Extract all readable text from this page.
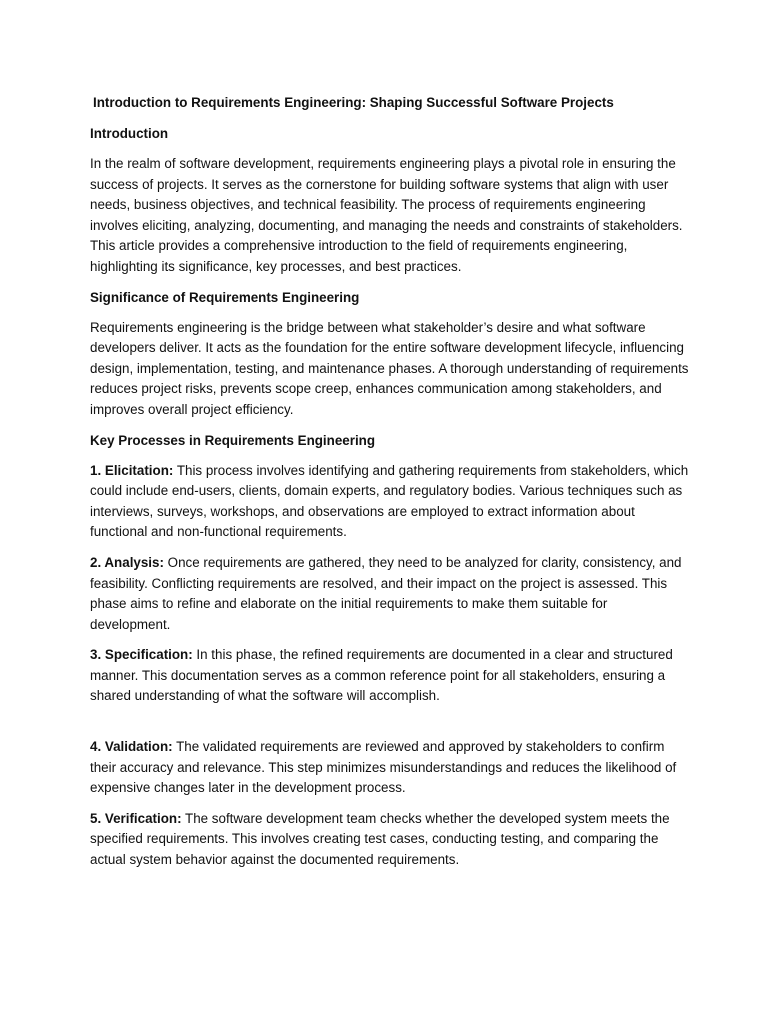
Introduction to Requirements Engineering: Shaping Successful Software Projects
Introduction
In the realm of software development, requirements engineering plays a pivotal role in ensuring the success of projects. It serves as the cornerstone for building software systems that align with user needs, business objectives, and technical feasibility. The process of requirements engineering involves eliciting, analyzing, documenting, and managing the needs and constraints of stakeholders. This article provides a comprehensive introduction to the field of requirements engineering, highlighting its significance, key processes, and best practices.
Significance of Requirements Engineering
Requirements engineering is the bridge between what stakeholder’s desire and what software developers deliver. It acts as the foundation for the entire software development lifecycle, influencing design, implementation, testing, and maintenance phases. A thorough understanding of requirements reduces project risks, prevents scope creep, enhances communication among stakeholders, and improves overall project efficiency.
Key Processes in Requirements Engineering
1. Elicitation: This process involves identifying and gathering requirements from stakeholders, which could include end-users, clients, domain experts, and regulatory bodies. Various techniques such as interviews, surveys, workshops, and observations are employed to extract information about functional and non-functional requirements.
2. Analysis: Once requirements are gathered, they need to be analyzed for clarity, consistency, and feasibility. Conflicting requirements are resolved, and their impact on the project is assessed. This phase aims to refine and elaborate on the initial requirements to make them suitable for development.
3. Specification: In this phase, the refined requirements are documented in a clear and structured manner. This documentation serves as a common reference point for all stakeholders, ensuring a shared understanding of what the software will accomplish.
4. Validation: The validated requirements are reviewed and approved by stakeholders to confirm their accuracy and relevance. This step minimizes misunderstandings and reduces the likelihood of expensive changes later in the development process.
5. Verification: The software development team checks whether the developed system meets the specified requirements. This involves creating test cases, conducting testing, and comparing the actual system behavior against the documented requirements.
